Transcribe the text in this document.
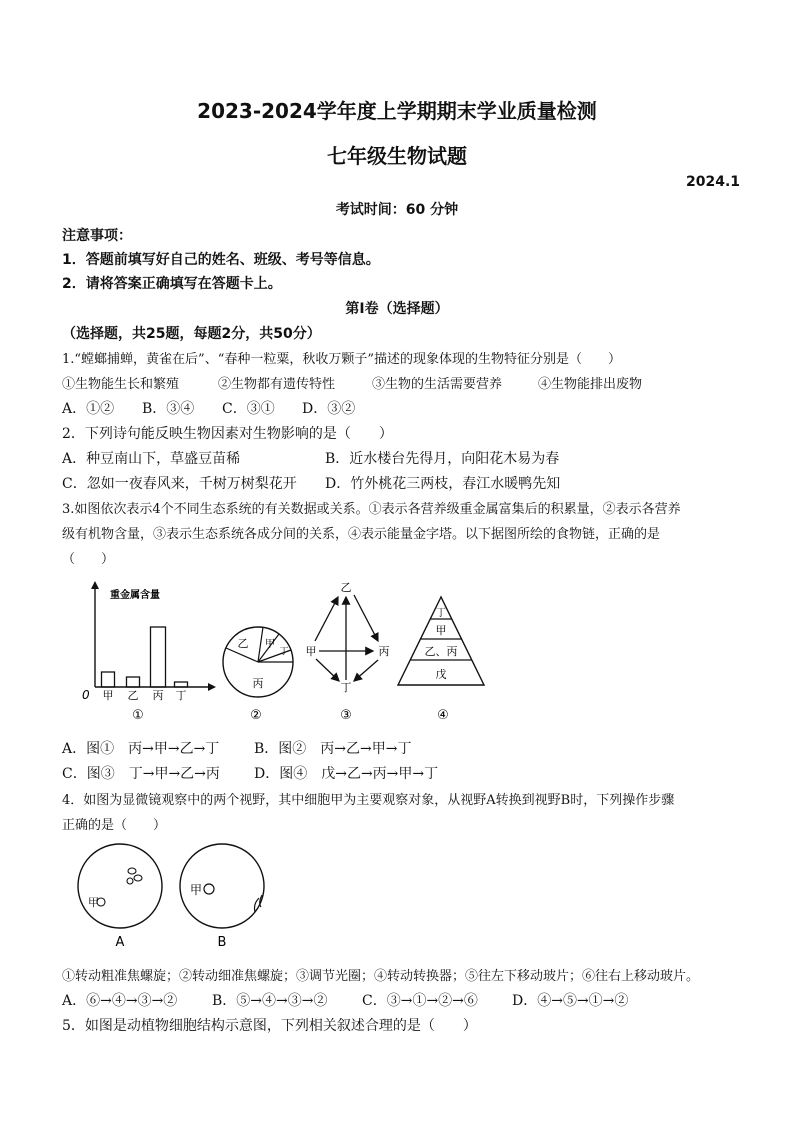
2023-2024学年度上学期期末学业质量检测
七年级生物试题
2024.1
考试时间：60 分钟
注意事项：
1．答题前填写好自己的姓名、班级、考号等信息。
2．请将答案正确填写在答题卡上。
第Ⅰ卷（选择题）
（选择题，共25题，每题2分，共50分）
1.“螳螂捕蝉，黄雀在后”、“春种一粒粟，秋收万颗子”描述的现象体现的生物特征分别是（　　）
①生物能生长和繁殖	②生物都有遗传特性	③生物的生活需要营养	④生物能排出废物
A．①② B．③④ C．③① D．③②
2．下列诗句能反映生物因素对生物影响的是（　　）
A．种豆南山下，草盛豆苗稀	B．近水楼台先得月，向阳花木易为春
C．忽如一夜春风来，千树万树梨花开 D．竹外桃花三两枝，春江水暖鸭先知
3.如图依次表示4个不同生态系统的有关数据或关系。①表示各营养级重金属富集后的积累量，②表示各营养
级有机物含量，③表示生态系统各成分间的关系，④表示能量金字塔。以下据图所绘的食物链，正确的是
（　　）
重金属含量
0 甲 乙 丙 丁
①
乙 甲
丁
丙
②
乙
甲	丙
丁
③
丁
甲
乙、丙
戊
④
A．图①　丙→甲→乙→丁 B．图②　丙→乙→甲→丁
C．图③　丁→甲→乙→丙 D．图④　戊→乙→丙→甲→丁
4．如图为显微镜观察中的两个视野，其中细胞甲为主要观察对象，从视野A转换到视野B时，下列操作步骤
正确的是（　　）
甲
A
甲
B
①转动粗准焦螺旋；②转动细准焦螺旋；③调节光圈；④转动转换器；⑤往左下移动玻片；⑥往右上移动玻片。
A．⑥→④→③→② B．⑤→④→③→② C．③→①→②→⑥ D．④→⑤→①→②
5．如图是动植物细胞结构示意图，下列相关叙述合理的是（　　）
